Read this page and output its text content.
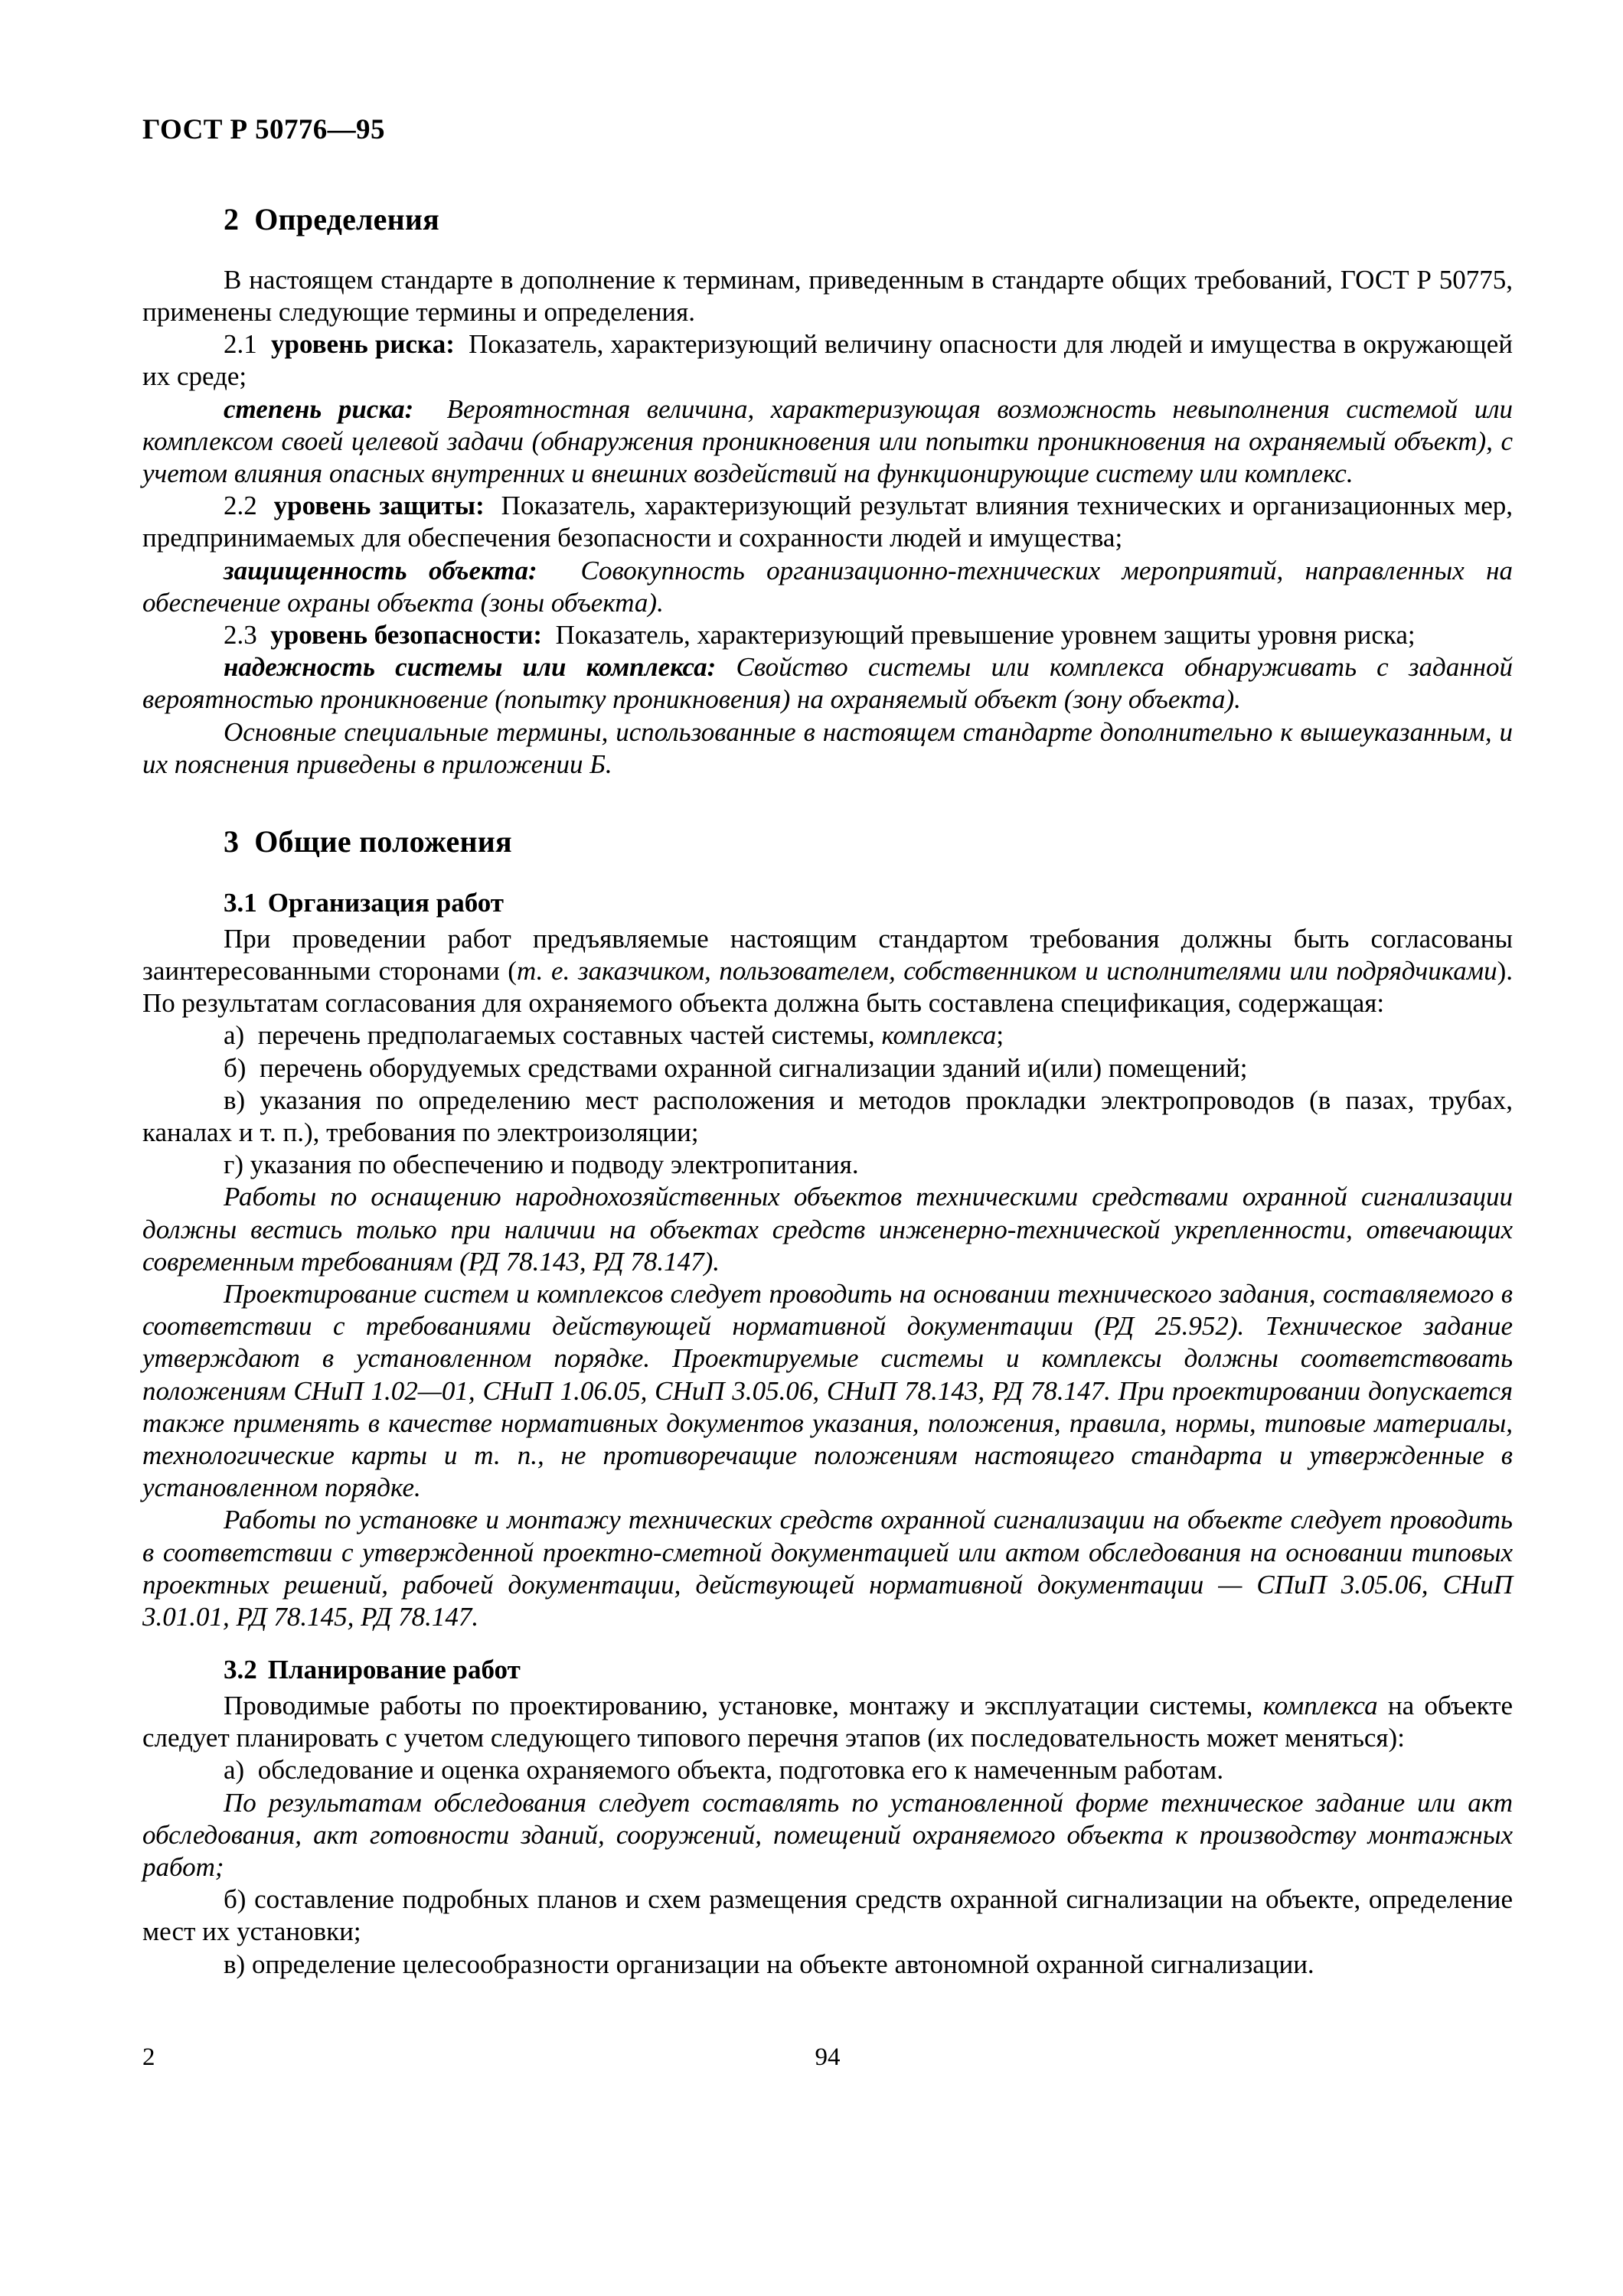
ГОСТ Р 50776—95
2 Определения

В настоящем стандарте в дополнение к терминам, приведенным в стандарте общих требований, ГОСТ Р 50775, применены следующие термины и определения.

2.1 уровень риска: Показатель, характеризующий величину опасности для людей и имущества в окружающей их среде;

степень риска: Вероятностная величина, характеризующая возможность невыполнения системой или комплексом своей целевой задачи (обнаружения проникновения или попытки проникновения на охраняемый объект), с учетом влияния опасных внутренних и внешних воздействий на функционирующие систему или комплекс.

2.2 уровень защиты: Показатель, характеризующий результат влияния технических и организационных мер, предпринимаемых для обеспечения безопасности и сохранности людей и имущества;

защищенность объекта: Совокупность организационно-технических мероприятий, направленных на обеспечение охраны объекта (зоны объекта).

2.3 уровень безопасности: Показатель, характеризующий превышение уровнем защиты уровня риска;

надежность системы или комплекса: Свойство системы или комплекса обнаруживать с заданной вероятностью проникновение (попытку проникновения) на охраняемый объект (зону объекта).

Основные специальные термины, использованные в настоящем стандарте дополнительно к вышеуказанным, и их пояснения приведены в приложении Б.

3 Общие положения
3.1 Организация работ

При проведении работ предъявляемые настоящим стандартом требования должны быть согласованы заинтересованными сторонами (т. е. заказчиком, пользователем, собственником и исполнителями или подрядчиками). По результатам согласования для охраняемого объекта должна быть составлена спецификация, содержащая:

а) перечень предполагаемых составных частей системы, комплекса;

б) перечень оборудуемых средствами охранной сигнализации зданий и(или) помещений;

в) указания по определению мест расположения и методов прокладки электропроводов (в пазах, трубах, каналах и т. п.), требования по электроизоляции;

г) указания по обеспечению и подводу электропитания.

Работы по оснащению народнохозяйственных объектов техническими средствами охранной сигнализации должны вестись только при наличии на объектах средств инженерно-технической укрепленности, отвечающих современным требованиям (РД 78.143, РД 78.147).

Проектирование систем и комплексов следует проводить на основании технического задания, составляемого в соответствии с требованиями действующей нормативной документации (РД 25.952). Техническое задание утверждают в установленном порядке. Проектируемые системы и комплексы должны соответствовать положениям СНиП 1.02—01, СНиП 1.06.05, СНиП 3.05.06, СНиП 78.143, РД 78.147. При проектировании допускается также применять в качестве нормативных документов указания, положения, правила, нормы, типовые материалы, технологические карты и т. п., не противоречащие положениям настоящего стандарта и утвержденные в установленном порядке.

Работы по установке и монтажу технических средств охранной сигнализации на объекте следует проводить в соответствии с утвержденной проектно-сметной документацией или актом обследования на основании типовых проектных решений, рабочей документации, действующей нормативной документации — СПиП 3.05.06, СНиП 3.01.01, РД 78.145, РД 78.147.

3.2 Планирование работ

Проводимые работы по проектированию, установке, монтажу и эксплуатации системы, комплекса на объекте следует планировать с учетом следующего типового перечня этапов (их последовательность может меняться):

а) обследование и оценка охраняемого объекта, подготовка его к намеченным работам.

По результатам обследования следует составлять по установленной форме техническое задание или акт обследования, акт готовности зданий, сооружений, помещений охраняемого объекта к производству монтажных работ;

б) составление подробных планов и схем размещения средств охранной сигнализации на объекте, определение мест их установки;

в) определение целесообразности организации на объекте автономной охранной сигнализации.

2	94
